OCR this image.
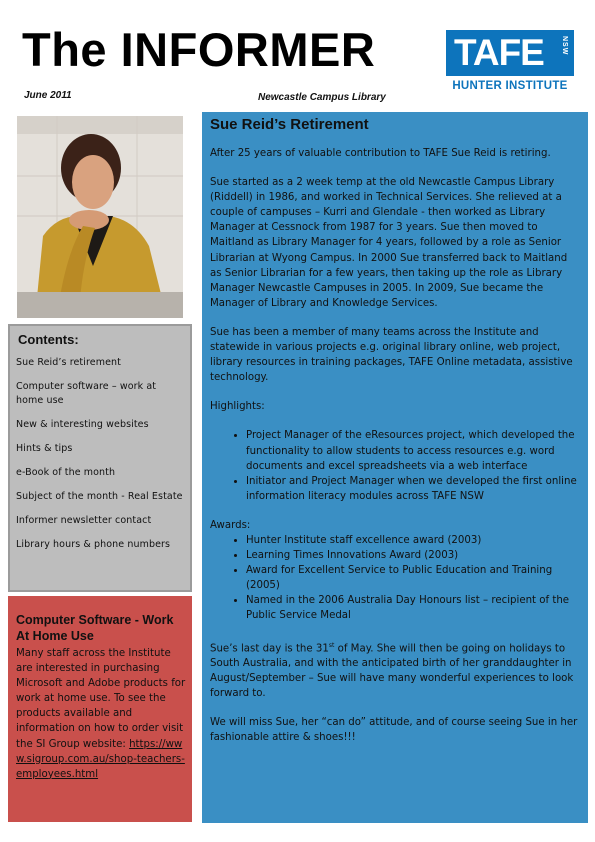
The INFORMER
June 2011	Newcastle Campus Library
TAFE	NSW
HUNTER INSTITUTE
Contents:
Sue Reid’s retirement
Computer software – work at home use
New & interesting websites
Hints & tips
e-Book of the month
Subject of the month - Real Estate
Informer newsletter contact
Library hours & phone numbers
Computer Software - Work At Home Use
Many staff across the Institute are interested in purchasing Microsoft and Adobe products for work at home use. To see the products available and information on how to order visit the SI Group website: https://www.sigroup.com.au/shop-teachers-employees.html
Sue Reid’s Retirement

After 25 years of valuable contribution to TAFE Sue Reid is retiring.

Sue started as a 2 week temp at the old Newcastle Campus Library (Riddell) in 1986, and worked in Technical Services. She relieved at a couple of campuses – Kurri and Glendale - then worked as Library Manager at Cessnock from 1987 for 3 years. Sue then moved to Maitland as Library Manager for 4 years, followed by a role as Senior Librarian at Wyong Campus. In 2000 Sue transferred back to Maitland as Senior Librarian for a few years, then taking up the role as Library Manager Newcastle Campuses in 2005. In 2009, Sue became the Manager of Library and Knowledge Services.

Sue has been a member of many teams across the Institute and statewide in various projects e.g. original library online, web project, library resources in training packages, TAFE Online metadata, assistive technology.

Highlights:

• Project Manager of the eResources project, which developed the functionality to allow students to access resources e.g. word documents and excel spreadsheets via a web interface
• Initiator and Project Manager when we developed the first online information literacy modules across TAFE NSW

Awards:

• Hunter Institute staff excellence award (2003)
• Learning Times Innovations Award (2003)
• Award for Excellent Service to Public Education and Training (2005)
• Named in the 2006 Australia Day Honours list – recipient of the Public Service Medal

Sue’s last day is the 31st of May. She will then be going on holidays to South Australia, and with the anticipated birth of her granddaughter in August/September – Sue will have many wonderful experiences to look forward to.

We will miss Sue, her “can do” attitude, and of course seeing Sue in her fashionable attire & shoes!!!
